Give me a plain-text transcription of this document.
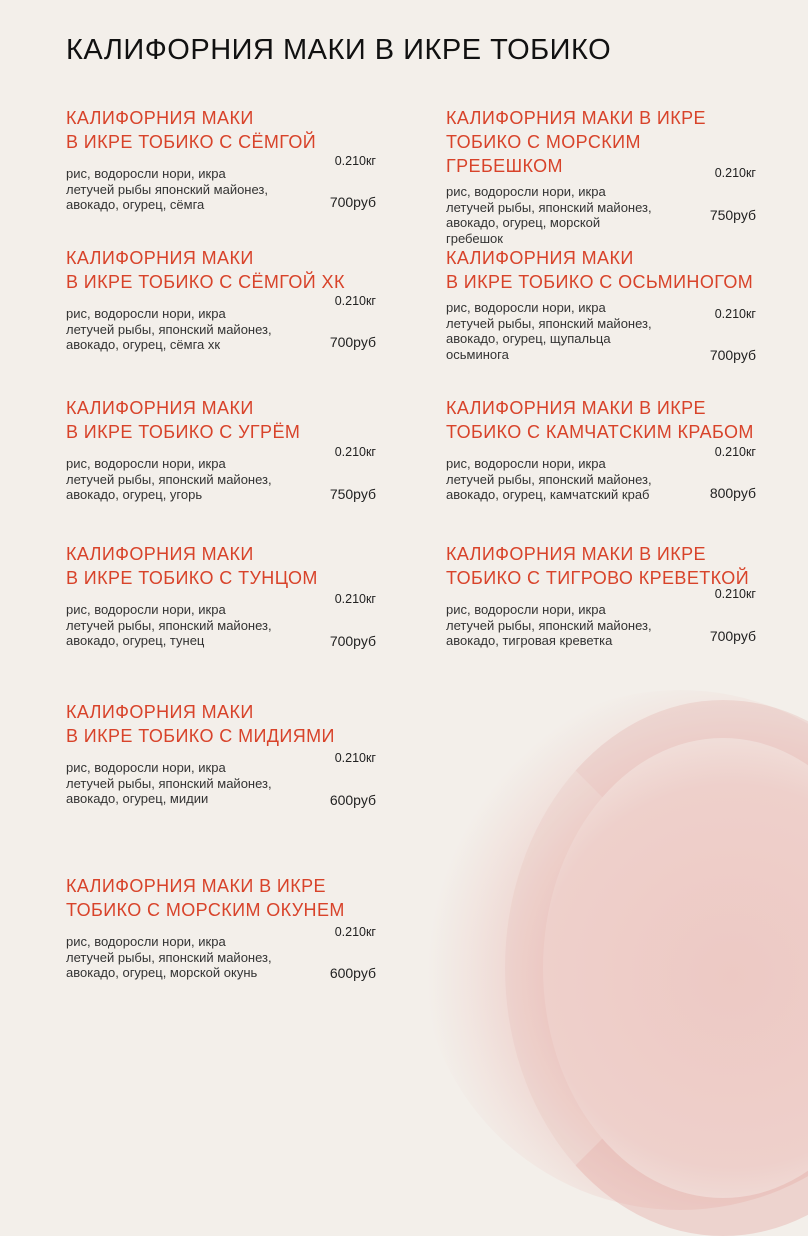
КАЛИФОРНИЯ МАКИ В ИКРЕ ТОБИКО
КАЛИФОРНИЯ МАКИ
В ИКРЕ ТОБИКО С СЁМГОЙ
0.210кг
рис, водоросли нори, икра
летучей рыбы японский майонез,
авокадо, огурец, сёмга	700руб
КАЛИФОРНИЯ МАКИ
В ИКРЕ ТОБИКО С СЁМГОЙ ХК
0.210кг
рис, водоросли нори, икра
летучей рыбы, японский майонез,
авокадо, огурец, сёмга хк	700руб
КАЛИФОРНИЯ МАКИ
В ИКРЕ ТОБИКО С УГРЁМ
0.210кг
рис, водоросли нори, икра
летучей рыбы, японский майонез,
авокадо, огурец, угорь	750руб
КАЛИФОРНИЯ МАКИ
В ИКРЕ ТОБИКО С ТУНЦОМ
0.210кг
рис, водоросли нори, икра
летучей рыбы, японский майонез,
авокадо, огурец, тунец	700руб
КАЛИФОРНИЯ МАКИ
В ИКРЕ ТОБИКО С МИДИЯМИ
0.210кг
рис, водоросли нори, икра
летучей рыбы, японский майонез,
авокадо, огурец, мидии	600руб
КАЛИФОРНИЯ МАКИ В ИКРЕ
ТОБИКО С МОРСКИМ ОКУНЕМ
0.210кг
рис, водоросли нори, икра
летучей рыбы, японский майонез,
авокадо, огурец, морской окунь	600руб
КАЛИФОРНИЯ МАКИ В ИКРЕ
ТОБИКО С МОРСКИМ ГРЕБЕШКОМ	0.210кг
рис, водоросли нори, икра
летучей рыбы, японский майонез,
авокадо, огурец, морской
гребешок
750руб
КАЛИФОРНИЯ МАКИ
В ИКРЕ ТОБИКО С ОСЬМИНОГОМ
0.210кг
рис, водоросли нори, икра
летучей рыбы, японский майонез,
авокадо, огурец, щупальца
осьминога	700руб
КАЛИФОРНИЯ МАКИ В ИКРЕ
ТОБИКО С КАМЧАТСКИМ КРАБОМ
0.210кг
рис, водоросли нори, икра
летучей рыбы, японский майонез,
авокадо, огурец, камчатский краб	800руб
КАЛИФОРНИЯ МАКИ В ИКРЕ
ТОБИКО С ТИГРОВО КРЕВЕТКОЙ
0.210кг
рис, водоросли нори, икра
летучей рыбы, японский майонез,
авокадо, тигровая креветка	700руб
